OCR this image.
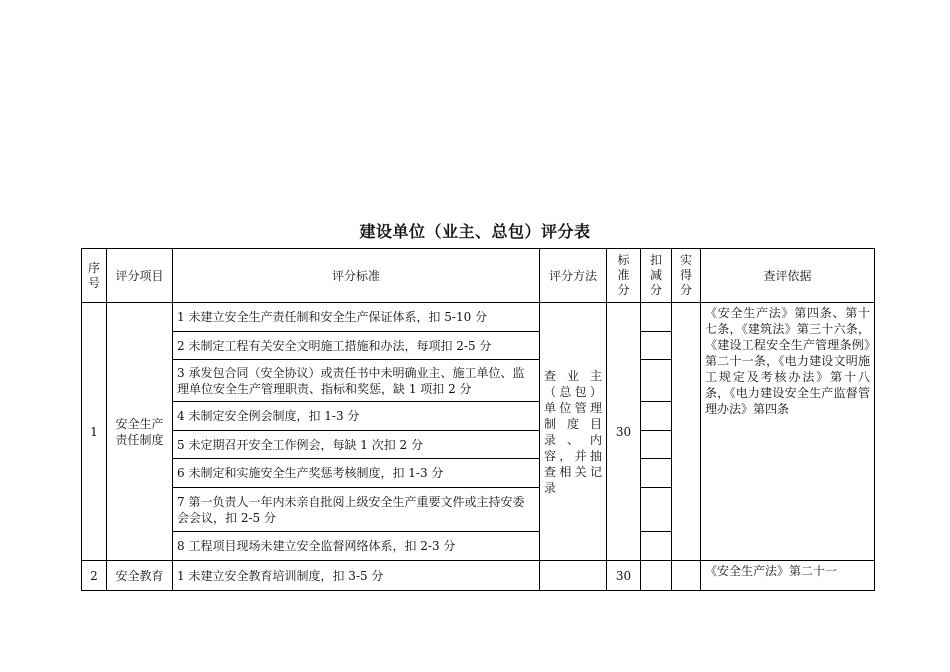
建设单位（业主、总包）评分表
序号	评分项目	评分标准	评分方法	标准分	扣减分	实得分	查评依据
1	安全生产责任制度	1 未建立安全生产责任制和安全生产保证体系，扣 5-10 分	查业主（总包）单位管理制度目录、内容，并抽查相关记录	30			《安全生产法》第四条、第十七条，《建筑法》第三十六条，《建设工程安全生产管理条例》第二十一条，《电力建设文明施工规定及考核办法》第十八条，《电力建设安全生产监督管理办法》第四条
		2 未制定工程有关安全文明施工措施和办法，每项扣 2-5 分					
		3 承发包合同（安全协议）或责任书中未明确业主、施工单位、监理单位安全生产管理职责、指标和奖惩，缺 1 项扣 2 分					
		4 未制定安全例会制度，扣 1-3 分					
		5 未定期召开安全工作例会，每缺 1 次扣 2 分					
		6 未制定和实施安全生产奖惩考核制度，扣 1-3 分					
		7 第一负责人一年内未亲自批阅上级安全生产重要文件或主持安委会会议，扣 2-5 分					
		8 工程项目现场未建立安全监督网络体系，扣 2-3 分					
2	安全教育	1 未建立安全教育培训制度，扣 3-5 分		30			《安全生产法》第二十一
